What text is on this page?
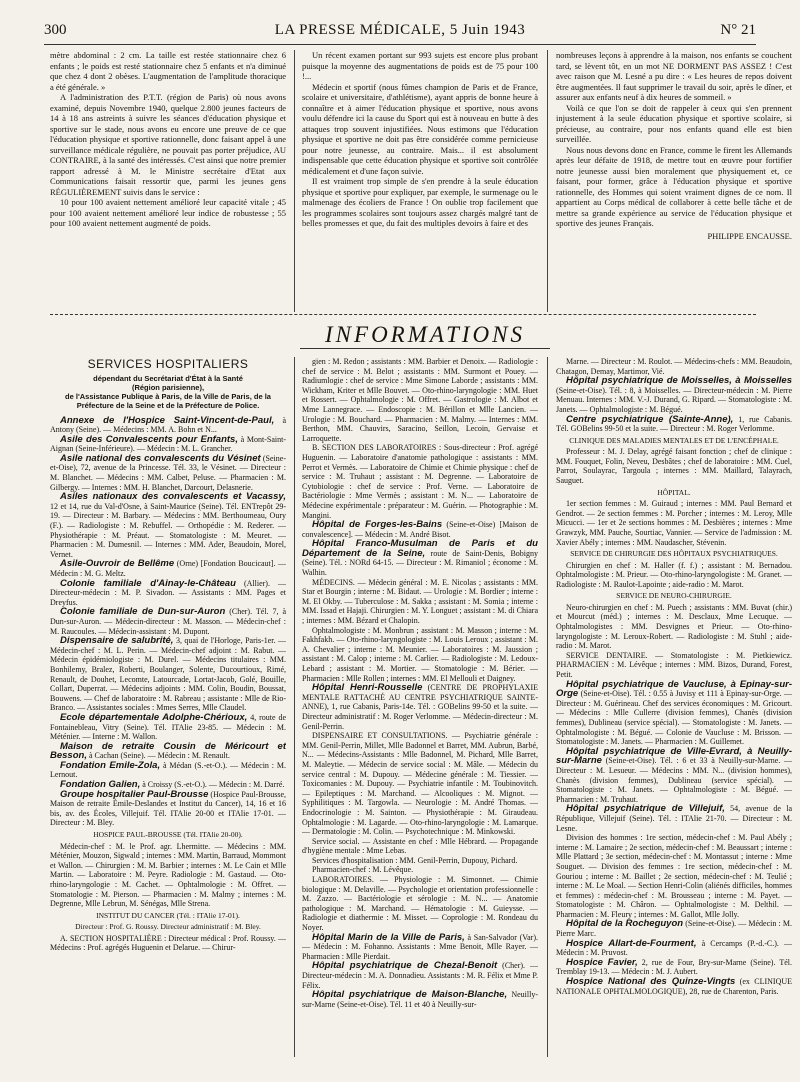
300	LA PRESSE MÉDICALE, 5 Juin 1943	N° 21

mètre abdominal : 2 cm. La taille est restée stationnaire chez 6 enfants ; le poids est resté stationnaire chez 5 enfants et n'a diminué que chez 4 dont 2 obèses. L'augmentation de l'amplitude thoracique a été générale. »

A l'administration des P.T.T. (région de Paris) où nous avons examiné, depuis Novembre 1940, quelque 2.800 jeunes facteurs de 14 à 18 ans astreints à suivre les séances d'éducation physique et sportive sur le stade, nous avons eu encore une preuve de ce que l'éducation physique et sportive rationnelle, donc faisant appel à une surveillance médicale régulière, ne pouvait pas porter préjudice, AU CONTRAIRE, à la santé des intéressés. C'est ainsi que notre premier rapport adressé à M. le Ministre secrétaire d'Etat aux Communications faisait ressortir que, parmi les jeunes gens RÉGULIÈREMENT suivis dans le service :

10 pour 100 avaient nettement amélioré leur capacité vitale ; 45 pour 100 avaient nettement amélioré leur indice de robustesse ; 55 pour 100 avaient nettement augmenté de poids.

Un récent examen portant sur 993 sujets est encore plus probant puisque la moyenne des augmentations de poids est de 75 pour 100 !...

Médecin et sportif (nous fûmes champion de Paris et de France, scolaire et universitaire, d'athlétisme), ayant appris de bonne heure à connaître et à aimer l'éducation physique et sportive, nous avons voulu défendre ici la cause du Sport qui est à nouveau en butte à des attaques trop souvent injustifiées. Nous estimons que l'éducation physique et sportive ne doit pas être considérée comme pernicieuse pour notre jeunesse, au contraire. Mais... il est absolument indispensable que cette éducation physique et sportive soit contrôlée médicalement et d'une façon suivie.

Il est vraiment trop simple de s'en prendre à la seule éducation physique et sportive pour expliquer, par exemple, le surmenage ou le malmenage des écoliers de France ! On oublie trop facilement que les programmes scolaires sont toujours assez chargés malgré tant de belles promesses et que, du fait des multiples devoirs à faire et des

nombreuses leçons à apprendre à la maison, nos enfants se couchent tard, se lèvent tôt, en un mot NE DORMENT PAS ASSEZ ! C'est avec raison que M. Lesné a pu dire : « Les heures de repos doivent être augmentées. Il faut supprimer le travail du soir, après le dîner, et assurer aux enfants neuf à dix heures de sommeil. »

Voilà ce que l'on se doit de rappeler à ceux qui s'en prennent injustement à la seule éducation physique et sportive scolaire, si précieuse, au contraire, pour nos enfants quand elle est bien surveillée.

Nous nous devons donc en France, comme le firent les Allemands après leur défaite de 1918, de mettre tout en œuvre pour fortifier notre jeunesse aussi bien moralement que physiquement et, ce faisant, pour former, grâce à l'éducation physique et sportive rationnelle, des Hommes qui soient vraiment dignes de ce nom. Il appartient au Corps médical de collaborer à cette belle tâche et de mettre sa grande expérience au service de l'éducation physique et sportive des jeunes Français.

PHILIPPE ENCAUSSE.
INFORMATIONS
SERVICES HOSPITALIERS
dépendant du Secrétariat d'État à la Santé
(Région parisienne),
de l'Assistance Publique à Paris, de la Ville de Paris, de la Préfecture de la Seine et de la Préfecture de Police.

Annexe de l'Hospice Saint-Vincent-de-Paul, à Antony (Seine). — Médecins : MM. A. Bohn et N...

Asile des Convalescents pour Enfants, à Mont-Saint-Aignan (Seine-Inférieure). — Médecin : M. L. Grancher.

Asile national des convalescents du Vésinet (Seine-et-Oise), 72, avenue de la Princesse. Tél. 33, le Vésinet. — Directeur : M. Blanchet. — Médecins : MM. Calbet, Peluse. — Pharmacien : M. Gilbergy. — Internes : MM. H. Blanchet, Darcourt, Delasnerie.

Asiles nationaux des convalescents et Vacassy, 12 et 14, rue du Val-d'Osne, à Saint-Maurice (Seine). Tél. ENTrepôt 29-19. — Directeur : M. Barbary. — Médecins : MM. Berthoumeau, Oury (F.). — Radiologiste : M. Rebuffel. — Orthopédie : M. Rederer. — Physiothérapie : M. Préaut. — Stomatologiste : M. Meuret. — Pharmacien : M. Dumesnil. — Internes : MM. Ader, Beaudoin, Morel, Vernet.

Asile-Ouvroir de Bellême (Orne) [Fondation Boucicaut]. — Médecin : M. G. Meltz.

Colonie familiale d'Ainay-le-Château (Allier). — Directeur-médecin : M. P. Sivadon. — Assistants : MM. Pages et Dreyfus.

Colonie familiale de Dun-sur-Auron (Cher). Tél. 7, à Dun-sur-Auron. — Médecin-directeur : M. Masson. — Médecin-chef : M. Raucoules. — Médecin-assistant : M. Dupont.

Dispensaire de salubrité, 3, quai de l'Horloge, Paris-1er. — Médecin-chef : M. L. Perin. — Médecin-chef adjoint : M. Rabut. — Médecin épidémiologiste : M. Durel. — Médecins titulaires : MM. Bonhilemy, Bralez, Roberti, Boulanger, Solente, Ducourtioux, Rimé, Renault, de Douhet, Lecomte, Latourcade, Lortat-Jacob, Golé, Bouille, Collart, Duperrat. — Médecins adjoints : MM. Colin, Boudin, Boussat, Bouwens. — Chef de laboratoire : M. Rabreau ; assistante : Mlle de Rio-Branco. — Assistantes sociales : Mmes Serres, Mlle Claudel.

Ecole départementale Adolphe-Chérioux, 4, route de Fontainebleau, Vitry (Seine). Tél. ITAlie 23-85. — Médecin : M. Méténier. — Interne : M. Wallon.

Maison de retraite Cousin de Méricourt et Besson, à Cachan (Seine). — Médecin : M. Renault.

Fondation Emile-Zola, à Médan (S.-et-O.). — Médecin : M. Lernout.

Fondation Galien, à Croissy (S.-et-O.). — Médecin : M. Darré.

Groupe hospitalier Paul-Brousse (Hospice Paul-Brousse, Maison de retraite Émile-Deslandes et Institut du Cancer), 14, 16 et 16 bis, av. des Écoles, Villejuif. Tél. ITAlie 20-00 et ITAlie 17-01. — Directeur : M. Bley.

HOSPICE PAUL-BROUSSE (Tél. ITAlie 20-00).

Médecin-chef : M. le Prof. agr. Lhermitte. — Médecins : MM. Méténier, Mouzon, Sigwald ; internes : MM. Martin, Barraud, Mommont et Wallon. — Chirurgien : M. M. Barbier ; internes : M. Le Cain et Mlle Martin. — Laboratoire : M. Peyre. Radiologie : M. Gastaud. — Oto-rhino-laryngologie : M. Cachet. — Ophtalmologie : M. Offret. — Stomatologie : M. Pierson. — Pharmacien : M. Malmy ; internes : M. Degrenne, Mlle Lebrun, M. Sénégas, Mlle Strena.

INSTITUT DU CANCER (Tél. : ITAlie 17-01).
Directeur : Prof. G. Roussy. Directeur administratif : M. Bley.

A. SECTION HOSPITALIÈRE : Directeur médical : Prof. Roussy. — Médecins : Prof. agrégés Huguenin et Delarue. — Chirur-

gien : M. Redon ; assistants : MM. Barbier et Denoix. — Radiologie : chef de service : M. Belot ; assistants : MM. Surmont et Pouey. — Radiumlogie : chef de service : Mme Simone Laborde ; assistants : MM. Wickham, Kriter et Mlle Bouvet. — Oto-rhino-laryngologie : MM. Huet et Rossert. — Ophtalmologie : M. Offret. — Gastrologie : M. Albot et Mme Lannegrace. — Endoscopie : M. Bérillon et Mlle Lancien. — Urologie : M. Bouchard. — Pharmacien : M. Malmy. — Internes : MM. Berthon, MM. Chauvirs, Saracino, Seillon, Lecoin, Gervaise et Larroquette.

B. SECTION DES LABORATOIRES : Sous-directeur : Prof. agrégé Huguenin. — Laboratoire d'anatomie pathologique : assistants : MM. Perrot et Vermès. — Laboratoire de Chimie et Chimie physique : chef de service : M. Truhaut ; assistant : M. Degrenne. — Laboratoire de Cytobiologie : chef de service : Prof. Verne. — Laboratoire de Bactériologie : Mme Vermès ; assistant : M. N... — Laboratoire de Médecine expérimentale : préparateur : M. Guérin. — Photographie : M. Mangini.

Hôpital de Forges-les-Bains (Seine-et-Oise) [Maison de convalescence]. — Médecin : M. André Bisot.

Hôpital Franco-Musulman de Paris et du Département de la Seine, route de Saint-Denis, Bobigny (Seine). Tél. : NORd 64-15. — Directeur : M. Rimaniol ; économe : M. Walhin.

MÉDECINS. — Médecin général : M. E. Nicolas ; assistants : MM. Star et Bourgin ; interne : M. Bidaut. — Urologie : M. Bordier ; interne : M. El Okby. — Tuberculose : M. Sakka ; assistant : M. Somia ; interne : MM. Issad et Hajaji. Chirurgien : M. Y. Longuet ; assistant : M. di Chiara ; internes : MM. Bézard et Chalopin.

Ophtalmologiste : M. Monbrun ; assistant : M. Masson ; interne : M. Fakhfakh. — Oto-rhino-laryngologiste : M. Louis Leroux ; assistant : M. A. Chevalier ; interne : M. Meunier. — Laboratoires : M. Jaussion ; assistant : M. Calop ; interne : M. Carlier. — Radiologiste : M. Ledoux-Lebard ; assistant : M. Mortier. — Stomatologie : M. Bérier. — Pharmacien : Mlle Rollen ; internes : MM. El Mellouli et Daigney.

Hôpital Henri-Rousselle (CENTRE DE PROPHYLAXIE MENTALE RATTACHÉ AU CENTRE PSYCHIATRIQUE SAINTE-ANNE), 1, rue Cabanis, Paris-14e. Tél. : GOBelins 99-50 et la suite. — Directeur administratif : M. Roger Verlomme. — Médecin-directeur : M. Genil-Perrin.

DISPENSAIRE ET CONSULTATIONS. — Psychiatrie générale : MM. Genil-Perrin, Millet, Mlle Badonnel et Barret, MM. Aubrun, Barbé, N... — Médecins-Assistants : Mlle Badonnel, M. Pichard, Mlle Barret, M. Maleytie. — Médecin de service social : M. Mâle. — Médecin du service central : M. Dupouy. — Médecine générale : M. Tiessier. — Toxicomanies : M. Dupouy. — Psychiatrie infantile : M. Toubinovitch. — Epileptiques : M. Marchand. — Alcooliques : M. Mignot. — Syphilitiques : M. Targowla. — Neurologie : M. André Thomas. — Endocrinologie : M. Sainton. — Physiothérapie : M. Giraudeau. Ophtalmologie : M. Lagarde. — Oto-rhino-laryngologie : M. Lamarque. — Dermatologie : M. Colin. — Psychotechnique : M. Minkowski.

Service social. — Assistante en chef : Mlle Hébrard. — Propagande d'hygiène mentale : Mme Lebas.

Services d'hospitalisation : MM. Genil-Perrin, Dupouy, Pichard.

Pharmacien-chef : M. Lévêque.

LABORATOIRES. — Physiologie : M. Simonnet. — Chimie biologique : M. Delaville. — Psychologie et orientation professionnelle : M. Zazzo. — Bactériologie et sérologie : M. N... — Anatomie pathologique : M. Marchand. — Hématologie : M. Guieysse. — Radiologie et diathermie : M. Misset. — Coprologie : M. Rondeau du Noyer.

Hôpital Marin de la Ville de Paris, à San-Salvador (Var). — Médecin : M. Fohanno. Assistants : Mme Benoit, Mlle Rayer. — Pharmacien : Mlle Pierdait.

Hôpital psychiatrique de Chezal-Benoit (Cher). — Directeur-médecin : M. A. Donnadieu. Assistants : M. R. Félix et Mme P. Félix.

Hôpital psychiatrique de Maison-Blanche, Neuilly-sur-Marne (Seine-et-Oise). Tél. 11 et 40 à Neuilly-sur-

Marne. — Directeur : M. Roulot. — Médecins-chefs : MM. Beaudoin, Chatagon, Demay, Martimor, Vié.

Hôpital psychiatrique de Moisselles, à Moisselles (Seine-et-Oise). Tél. : 8, à Moisselles. — Directeur-médecin : M. Pierre Menuau. Internes : MM. V.-J. Durand, G. Ripard. — Stomatologiste : M. Janets. — Ophtalmologiste : M. Bégué.

Centre psychiatrique (Sainte-Anne), 1, rue Cabanis. Tél. GOBelins 99-50 et la suite. — Directeur : M. Roger Verlomme.

CLINIQUE DES MALADIES MENTALES ET DE L'ENCÉPHALE.

Professeur : M. J. Delay, agrégé faisant fonction ; chef de clinique : MM. Fouquet, Folin, Neveu, Desbâtes ; chef de laboratoire : MM. Cuel, Parrot, Soulayrac, Targoula ; internes : MM. Maillard, Talayrach, Sauguet.

HÔPITAL.

1er section femmes : M. Guiraud ; internes : MM. Paul Bernard et Gendrot. — 2e section femmes : M. Porcher ; internes : M. Leroy, Mlle Micucci. — 1er et 2e sections hommes : M. Desbières ; internes : Mme Grawzyk, MM. Pauche, Sourtiac, Vannier. — Service de l'admission : M. Xavier Abély ; internes : MM. Naudascher, Stévenin.

SERVICE DE CHIRURGIE DES HÔPITAUX PSYCHIATRIQUES.

Chirurgien en chef : M. Haller (f. f.) ; assistant : M. Bernadou. Ophtalmologiste : M. Prieur. — Oto-rhino-laryngologiste : M. Granet. — Radiologiste : M. Raulot-Lapointe ; aide-radio : M. Marot.

SERVICE DE NEURO-CHIRURGIE.

Neuro-chirurgien en chef : M. Puech ; assistants : MM. Buvat (chir.) et Mourcut (méd.) ; internes : M. Desclaux, Mme Lecuque. — Ophtalmologistes : MM. Desvignes et Prieur. — Oto-rhino-laryngologiste : M. Leroux-Robert. — Radiologiste : M. Stuhl ; aide-radio : M. Marot.

SERVICE DENTAIRE. — Stomatologiste : M. Pietkiewicz. PHARMACIEN : M. Lévêque ; internes : MM. Bizos, Durand, Forest, Petit.

Hôpital psychiatrique de Vaucluse, à Epinay-sur-Orge (Seine-et-Oise). Tél. : 0.55 à Juvisy et 111 à Epinay-sur-Orge. — Directeur : M. Guérineau. Chef des services économiques : M. Gricourt. — Médecins : Mlle Cullerre (division femmes), Chanès (division femmes), Dublineau (service spécial). — Stomatologiste : M. Janets. — Ophtalmologiste : M. Bégué. — Colonie de Vaucluse : M. Brisson. — Stomatologiste : M. Janets. — Pharmacien : M. Guillemet.

Hôpital psychiatrique de Ville-Evrard, à Neuilly-sur-Marne (Seine-et-Oise). Tél. : 6 et 33 à Neuilly-sur-Marne. — Directeur : M. Lesueur. — Médecins : MM. N... (division hommes), Chanès (division femmes), Dublineau (service spécial). — Stomatologiste : M. Janets. — Ophtalmologiste : M. Bégué. — Pharmacien : M. Truhaut.

Hôpital psychiatrique de Villejuif, 54, avenue de la République, Villejuif (Seine). Tél. : ITAlie 21-70. — Directeur : M. Lesne.

Division des hommes : 1re section, médecin-chef : M. Paul Abély ; interne : M. Lamaire ; 2e section, médecin-chef : M. Beaussart ; interne : Mlle Plattard ; 3e section, médecin-chef : M. Montassut ; interne : Mme Souguet. — Division des femmes : 1re section, médecin-chef : M. Gouriou ; interne : M. Baillet ; 2e section, médecin-chef : M. Teulié ; interne : M. Le Moal. — Section Henri-Colin (aliénés difficiles, hommes et femmes) : médecin-chef : M. Brousseau ; interne : M. Payet. — Stomatologiste : M. Châron. — Ophtalmologiste : M. Delthil. — Pharmacien : M. Fleury ; internes : M. Gallot, Mlle Jolly.

Hôpital de la Rocheguyon (Seine-et-Oise). — Médecin : M. Pierre Marc.

Hospice Allart-de-Fourment, à Cercamps (P.-d.-C.). — Médecin : M. Pruvost.

Hospice Favier, 2, rue de Four, Bry-sur-Marne (Seine). Tél. Tremblay 19-13. — Médecin : M. J. Aubert.

Hospice National des Quinze-Vingts (ex CLINIQUE NATIONALE OPHTALMOLOGIQUE), 28, rue de Charenton, Paris.
